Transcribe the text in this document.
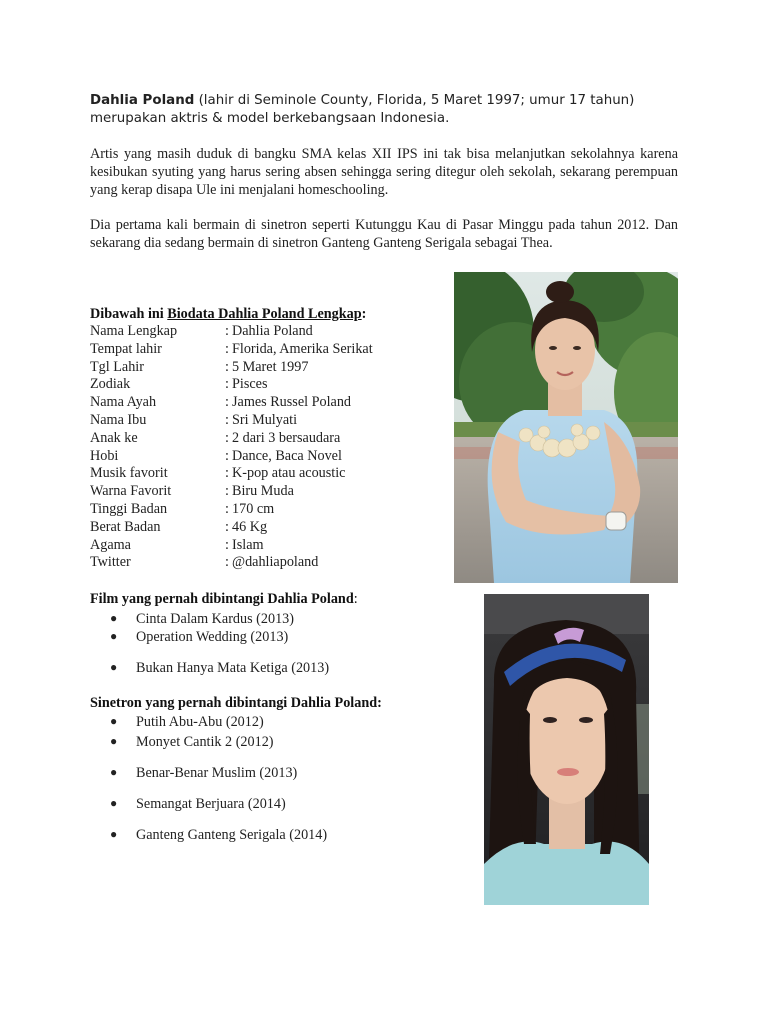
Dahlia Poland (lahir di Seminole County, Florida, 5 Maret 1997; umur 17 tahun) merupakan aktris & model berkebangsaan Indonesia.
Artis yang masih duduk di bangku SMA kelas XII IPS ini tak bisa melanjutkan sekolahnya karena kesibukan syuting yang harus sering absen sehingga sering ditegur oleh sekolah, sekarang perempuan yang kerap disapa Ule ini menjalani homeschooling.
Dia pertama kali bermain di sinetron seperti Kutunggu Kau di Pasar Minggu pada tahun 2012. Dan sekarang dia sedang bermain di sinetron Ganteng Ganteng Serigala sebagai Thea.
Dibawah ini Biodata Dahlia Poland Lengkap:
Nama Lengkap	: Dahlia Poland
Tempat lahir	: Florida, Amerika Serikat
Tgl Lahir	: 5 Maret 1997
Zodiak	: Pisces
Nama Ayah	: James Russel Poland
Nama Ibu	: Sri Mulyati
Anak ke	: 2 dari 3 bersaudara
Hobi	: Dance, Baca Novel
Musik favorit	: K-pop atau acoustic
Warna Favorit	: Biru Muda
Tinggi Badan	: 170 cm
Berat Badan	: 46 Kg
Agama	: Islam
Twitter	: @dahliapoland
Film yang pernah dibintangi Dahlia Poland:
● Cinta Dalam Kardus (2013)
● Operation Wedding (2013)
● Bukan Hanya Mata Ketiga (2013)
Sinetron yang pernah dibintangi Dahlia Poland:
● Putih Abu-Abu (2012)
● Monyet Cantik 2 (2012)
● Benar-Benar Muslim (2013)
● Semangat Berjuara (2014)
● Ganteng Ganteng Serigala (2014)
